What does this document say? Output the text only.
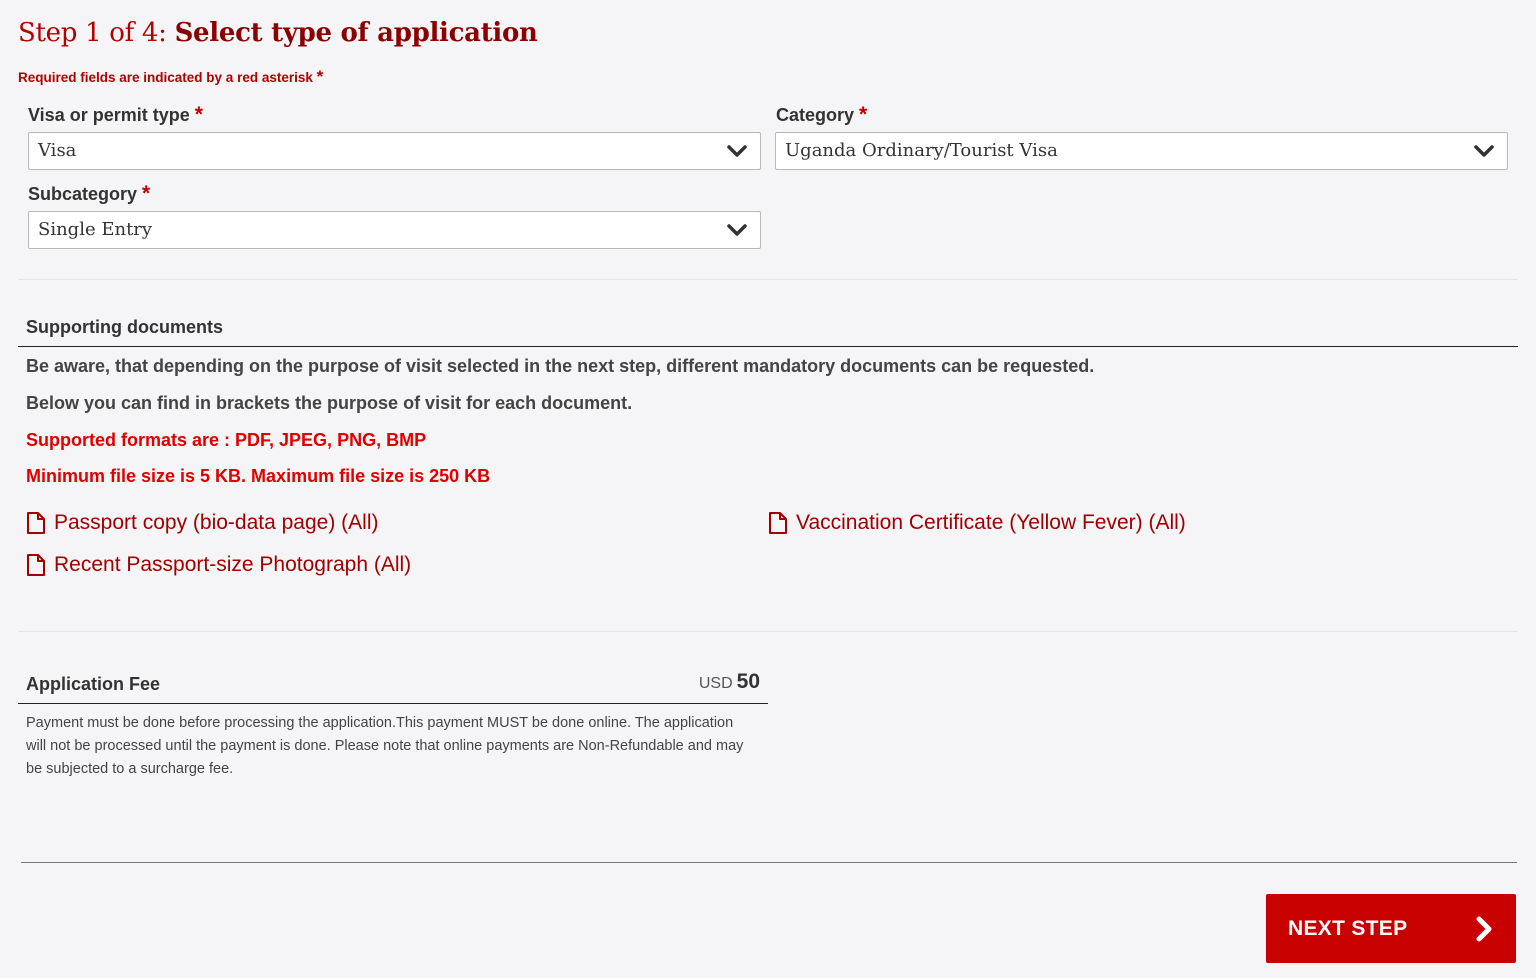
Step 1 of 4: Select type of application
Required fields are indicated by a red asterisk *
Visa or permit type *
Visa
Category *
Uganda Ordinary/Tourist Visa
Subcategory *
Single Entry
Supporting documents
Be aware, that depending on the purpose of visit selected in the next step, different mandatory documents can be requested.
Below you can find in brackets the purpose of visit for each document.
Supported formats are : PDF, JPEG, PNG, BMP
Minimum file size is 5 KB. Maximum file size is 250 KB
Passport copy (bio-data page) (All)	Vaccination Certificate (Yellow Fever) (All)
Recent Passport-size Photograph (All)
Application Fee	USD 50
Payment must be done before processing the application.This payment MUST be done online. The application will not be processed until the payment is done. Please note that online payments are Non-Refundable and may be subjected to a surcharge fee.
NEXT STEP
